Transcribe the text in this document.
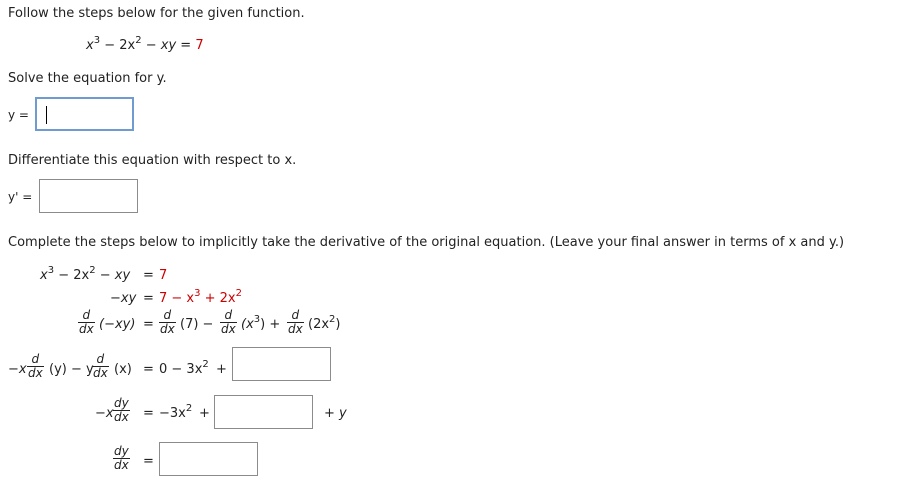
Follow the steps below for the given function.
$x^3 - 2x^2$ − xy = 7
Solve the equation for y.
y =
Differentiate this equation with respect to x.
y' =
Complete the steps below to implicitly take the derivative of the original equation. (Leave your final answer in terms of x and y.)
$x^3 - 2x^2$ − xy = 7
$-xy = 7 - x^3 + 2x^2$
$\frac{d}{dx} (-xy) = \frac{d}{dx} (7) - \frac{d}{dx} (x^3) + \frac{d}{dx} (2x^2)$
$-x \frac{d}{dx} (y) - y$
$\frac{d}{dx} (x) = 0 - 3x^2$ +
$-x \frac{dy}{dx} = -3x^2$ +	+ y
$\frac{dy}{dx}$ =
